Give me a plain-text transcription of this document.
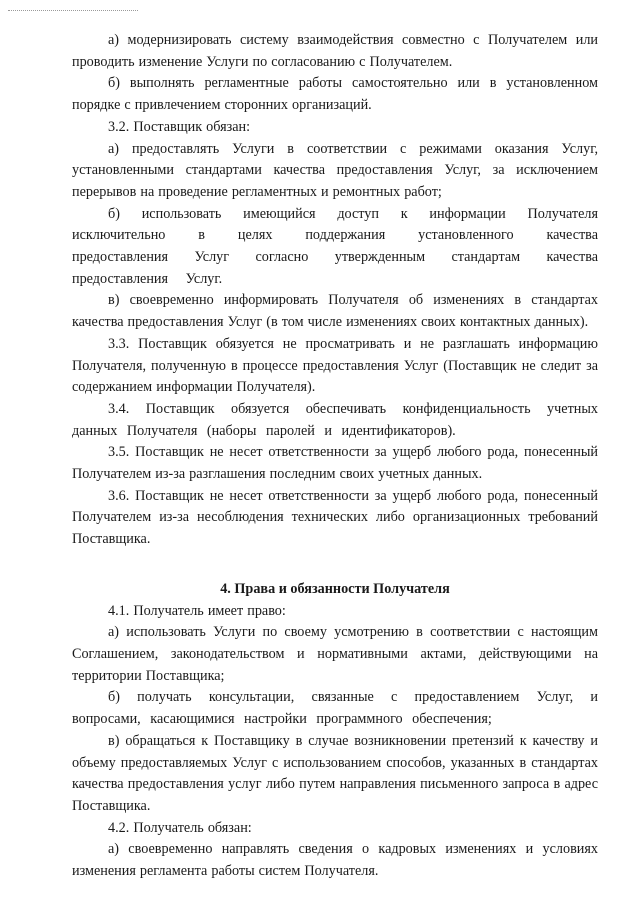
а) модернизировать систему взаимодействия совместно с Получателем или проводить изменение Услуги по согласованию с Получателем.

б) выполнять регламентные работы самостоятельно или в установленном порядке с привлечением сторонних организаций.

3.2. Поставщик обязан:

а) предоставлять Услуги в соответствии с режимами оказания Услуг, установленными стандартами качества предоставления Услуг, за исключением перерывов на проведение регламентных и ремонтных работ;

б) использовать имеющийся доступ к информации Получателя исключительно в целях поддержания установленного качества предоставления Услуг согласно утвержденным стандартам качества предоставления Услуг.

в) своевременно информировать Получателя об изменениях в стандартах качества предоставления Услуг (в том числе изменениях своих контактных данных).

3.3. Поставщик обязуется не просматривать и не разглашать информацию Получателя, полученную в процессе предоставления Услуг (Поставщик не следит за содержанием информации Получателя).

3.4. Поставщик обязуется обеспечивать конфиденциальность учетных данных Получателя (наборы паролей и идентификаторов).

3.5. Поставщик не несет ответственности за ущерб любого рода, понесенный Получателем из-за разглашения последним своих учетных данных.

3.6. Поставщик не несет ответственности за ущерб любого рода, понесенный Получателем из-за несоблюдения технических либо организационных требований Поставщика.

4. Права и обязанности Получателя

4.1. Получатель имеет право:

а) использовать Услуги по своему усмотрению в соответствии с настоящим Соглашением, законодательством и нормативными актами, действующими на территории Поставщика;

б) получать консультации, связанные с предоставлением Услуг, и вопросами, касающимися настройки программного обеспечения;

в) обращаться к Поставщику в случае возникновении претензий к качеству и объему предоставляемых Услуг с использованием способов, указанных в стандартах качества предоставления услуг либо путем направления письменного запроса в адрес Поставщика.

4.2. Получатель обязан:

а) своевременно направлять сведения о кадровых изменениях и условиях изменения регламента работы систем Получателя.
